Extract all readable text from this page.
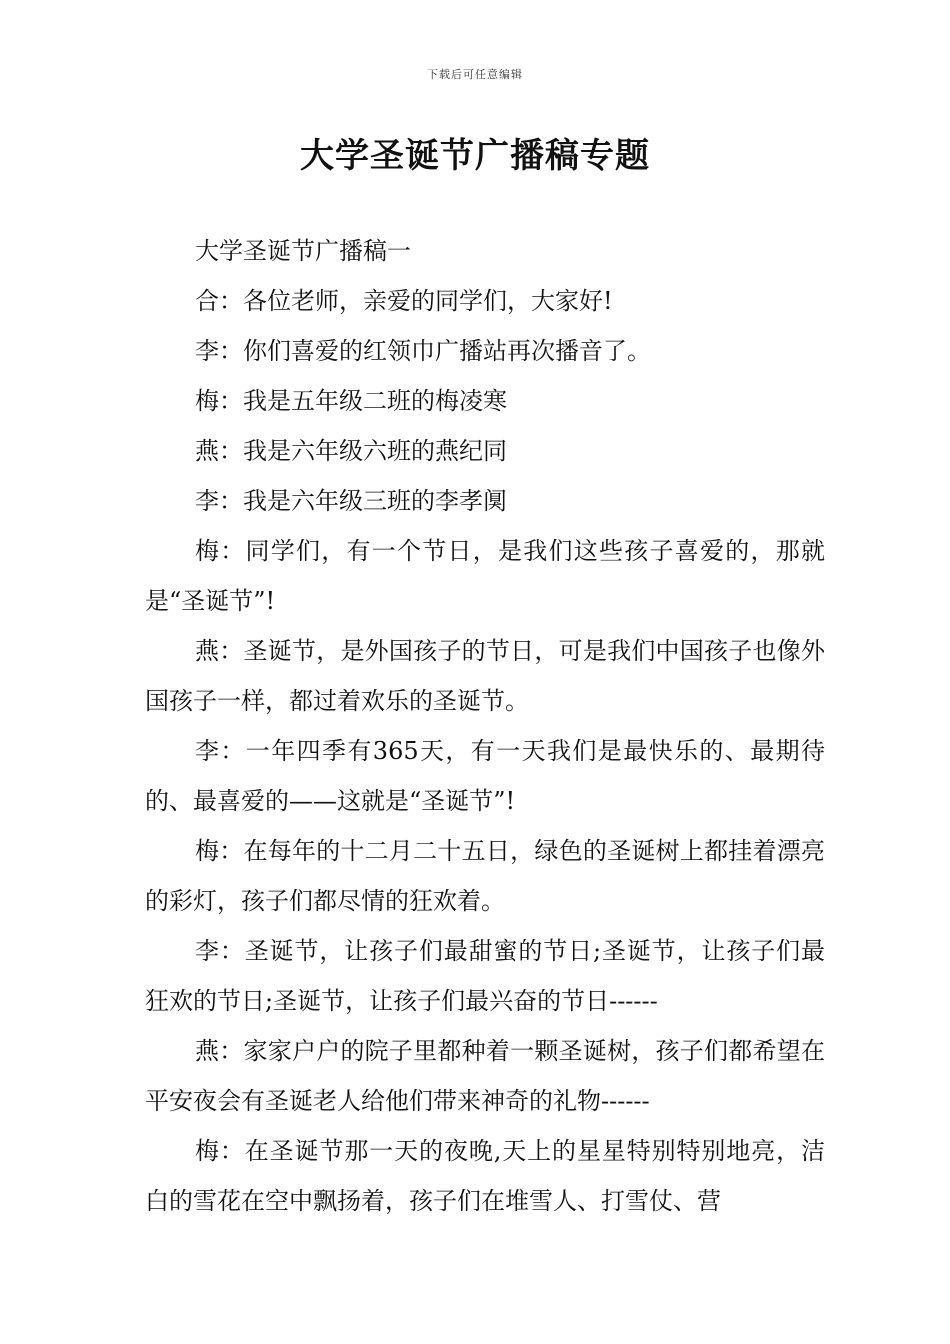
下载后可任意编辑
大学圣诞节广播稿专题

大学圣诞节广播稿一

合：各位老师，亲爱的同学们，大家好!

李：你们喜爱的红领巾广播站再次播音了。

梅：我是五年级二班的梅凌寒

燕：我是六年级六班的燕纪同

李：我是六年级三班的李孝阒

梅：同学们，有一个节日，是我们这些孩子喜爱的，那就是“圣诞节”!

燕：圣诞节，是外国孩子的节日，可是我们中国孩子也像外国孩子一样，都过着欢乐的圣诞节。

李：一年四季有365天，有一天我们是最快乐的、最期待的、最喜爱的——这就是“圣诞节”!

梅：在每年的十二月二十五日，绿色的圣诞树上都挂着漂亮的彩灯，孩子们都尽情的狂欢着。

李：圣诞节，让孩子们最甜蜜的节日;圣诞节，让孩子们最狂欢的节日;圣诞节，让孩子们最兴奋的节日------

燕：家家户户的院子里都种着一颗圣诞树，孩子们都希望在平安夜会有圣诞老人给他们带来神奇的礼物------

梅：在圣诞节那一天的夜晚,天上的星星特别特别地亮，洁白的雪花在空中飘扬着，孩子们在堆雪人、打雪仗、营
